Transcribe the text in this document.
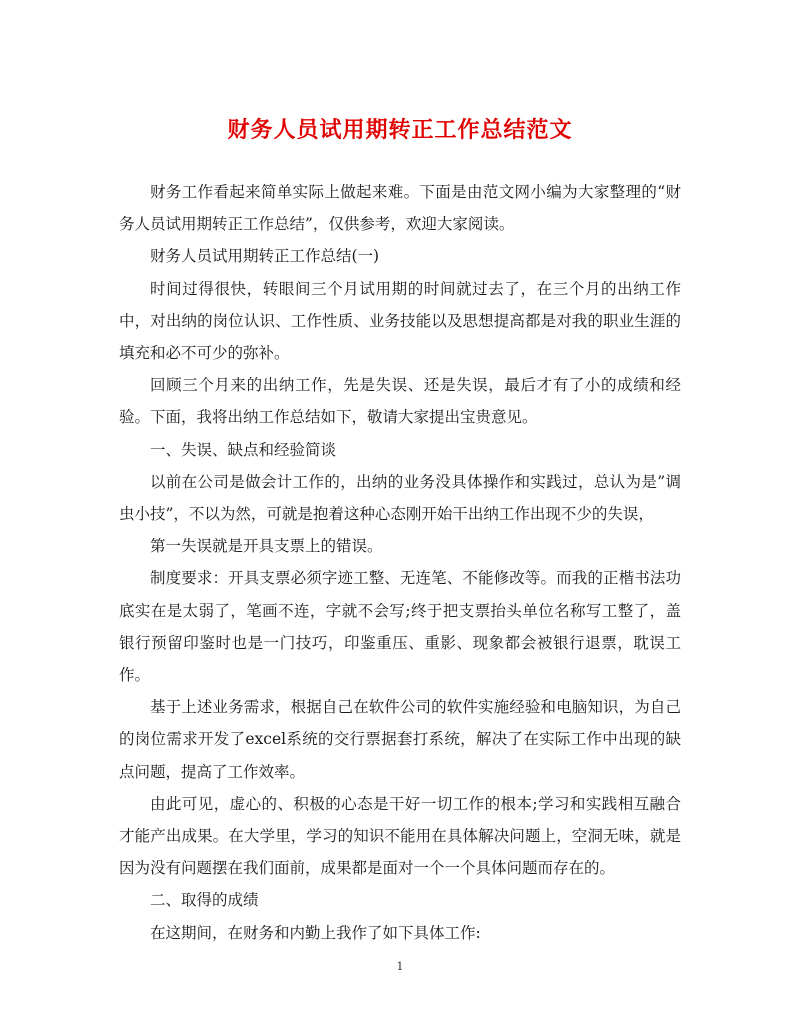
财务人员试用期转正工作总结范文

财务工作看起来简单实际上做起来难。下面是由范文网小编为大家整理的“财务人员试用期转正工作总结”，仅供参考，欢迎大家阅读。

财务人员试用期转正工作总结(一)

时间过得很快，转眼间三个月试用期的时间就过去了，在三个月的出纳工作中，对出纳的岗位认识、工作性质、业务技能以及思想提高都是对我的职业生涯的填充和必不可少的弥补。

回顾三个月来的出纳工作，先是失误、还是失误，最后才有了小的成绩和经验。下面，我将出纳工作总结如下，敬请大家提出宝贵意见。

一、失误、缺点和经验简谈

以前在公司是做会计工作的，出纳的业务没具体操作和实践过，总认为是”调虫小技”，不以为然，可就是抱着这种心态刚开始干出纳工作出现不少的失误，

第一失误就是开具支票上的错误。

制度要求：开具支票必须字迹工整、无连笔、不能修改等。而我的正楷书法功底实在是太弱了，笔画不连，字就不会写;终于把支票抬头单位名称写工整了，盖银行预留印鉴时也是一门技巧，印鉴重压、重影、现象都会被银行退票，耽误工作。

基于上述业务需求，根据自己在软件公司的软件实施经验和电脑知识，为自己的岗位需求开发了excel系统的交行票据套打系统，解决了在实际工作中出现的缺点问题，提高了工作效率。

由此可见，虚心的、积极的心态是干好一切工作的根本;学习和实践相互融合才能产出成果。在大学里，学习的知识不能用在具体解决问题上，空洞无味，就是因为没有问题摆在我们面前，成果都是面对一个一个具体问题而存在的。

二、取得的成绩

在这期间，在财务和内勤上我作了如下具体工作:

1
